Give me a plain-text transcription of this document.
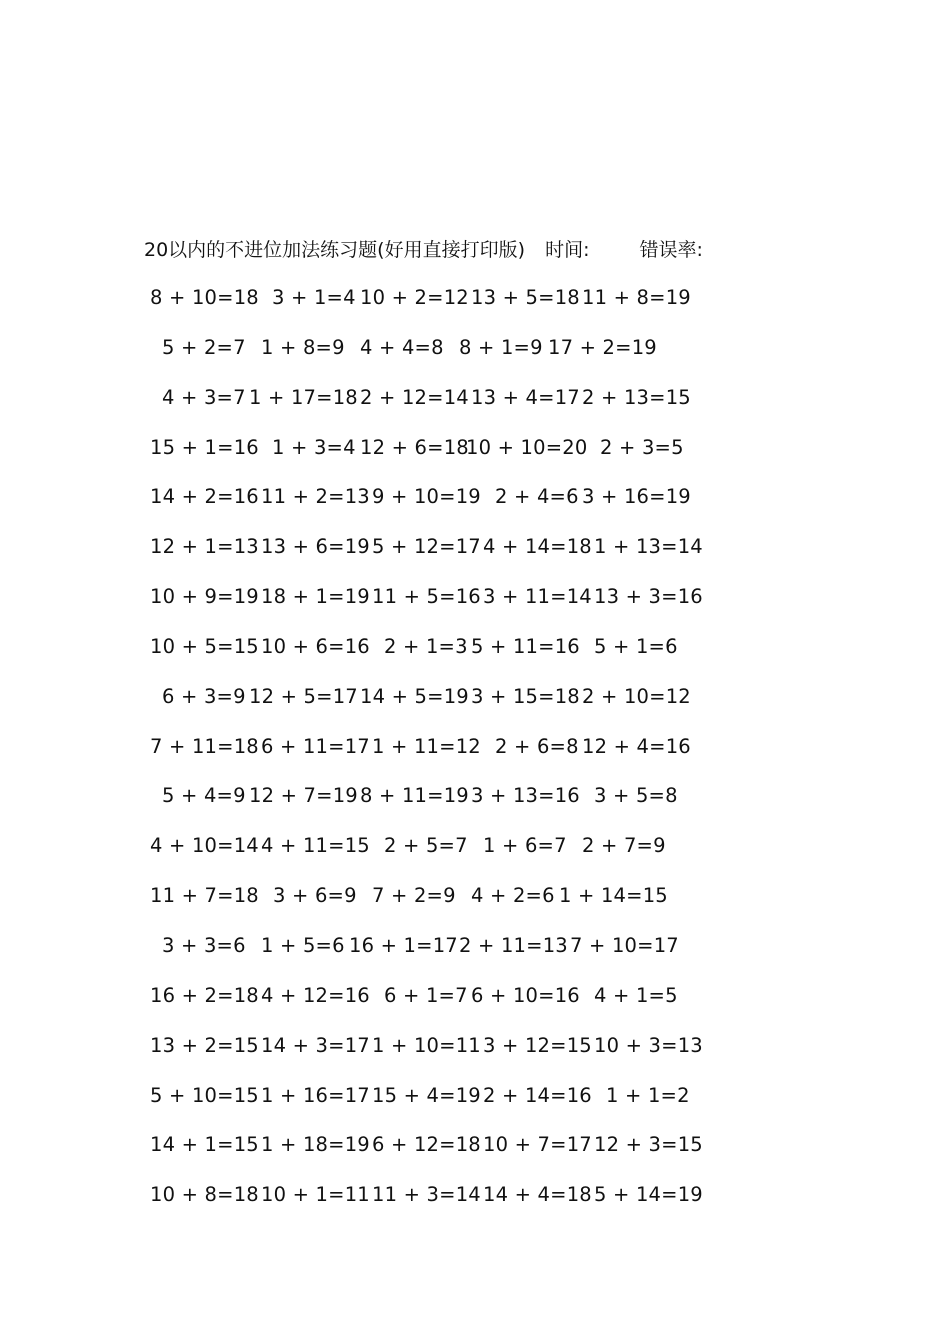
20以内的不进位加法练习题(好用直接打印版) 时间:	错误率:
8 + 10=18 3 + 1=4 10 + 2=12 13 + 5=18 11 + 8=19
5 + 2=7 1 + 8=9 4 + 4=8 8 + 1=9 17 + 2=19
4 + 3=7 1 + 17=18 2 + 12=14 13 + 4=17 2 + 13=15
15 + 1=16 1 + 3=4 12 + 6=18
10 + 10=20 2 + 3=5
14 + 2=16 11 + 2=13 9 + 10=19 2 + 4=6 3 + 16=19
12 + 1=13 13 + 6=19 5 + 12=17 4 + 14=18 1 + 13=14
10 + 9=19 18 + 1=19 11 + 5=16 3 + 11=14 13 + 3=16
10 + 5=15 10 + 6=16 2 + 1=3 5 + 11=16 5 + 1=6
6 + 3=9 12 + 5=17 14 + 5=19 3 + 15=18 2 + 10=12
7 + 11=18 6 + 11=17 1 + 11=12 2 + 6=8 12 + 4=16
5 + 4=9 12 + 7=19 8 + 11=19 3 + 13=16 3 + 5=8
4 + 10=14 4 + 11=15 2 + 5=7 1 + 6=7 2 + 7=9
11 + 7=18 3 + 6=9 7 + 2=9 4 + 2=6 1 + 14=15
3 + 3=6 1 + 5=6 16 + 1=17 2 + 11=13 7 + 10=17
16 + 2=18 4 + 12=16 6 + 1=7 6 + 10=16 4 + 1=5
13 + 2=15 14 + 3=17 1 + 10=11 3 + 12=15 10 + 3=13
5 + 10=15 1 + 16=17 15 + 4=19 2 + 14=16 1 + 1=2
14 + 1=15 1 + 18=19 6 + 12=18 10 + 7=17 12 + 3=15
10 + 8=18 10 + 1=11 11 + 3=14 14 + 4=18 5 + 14=19
